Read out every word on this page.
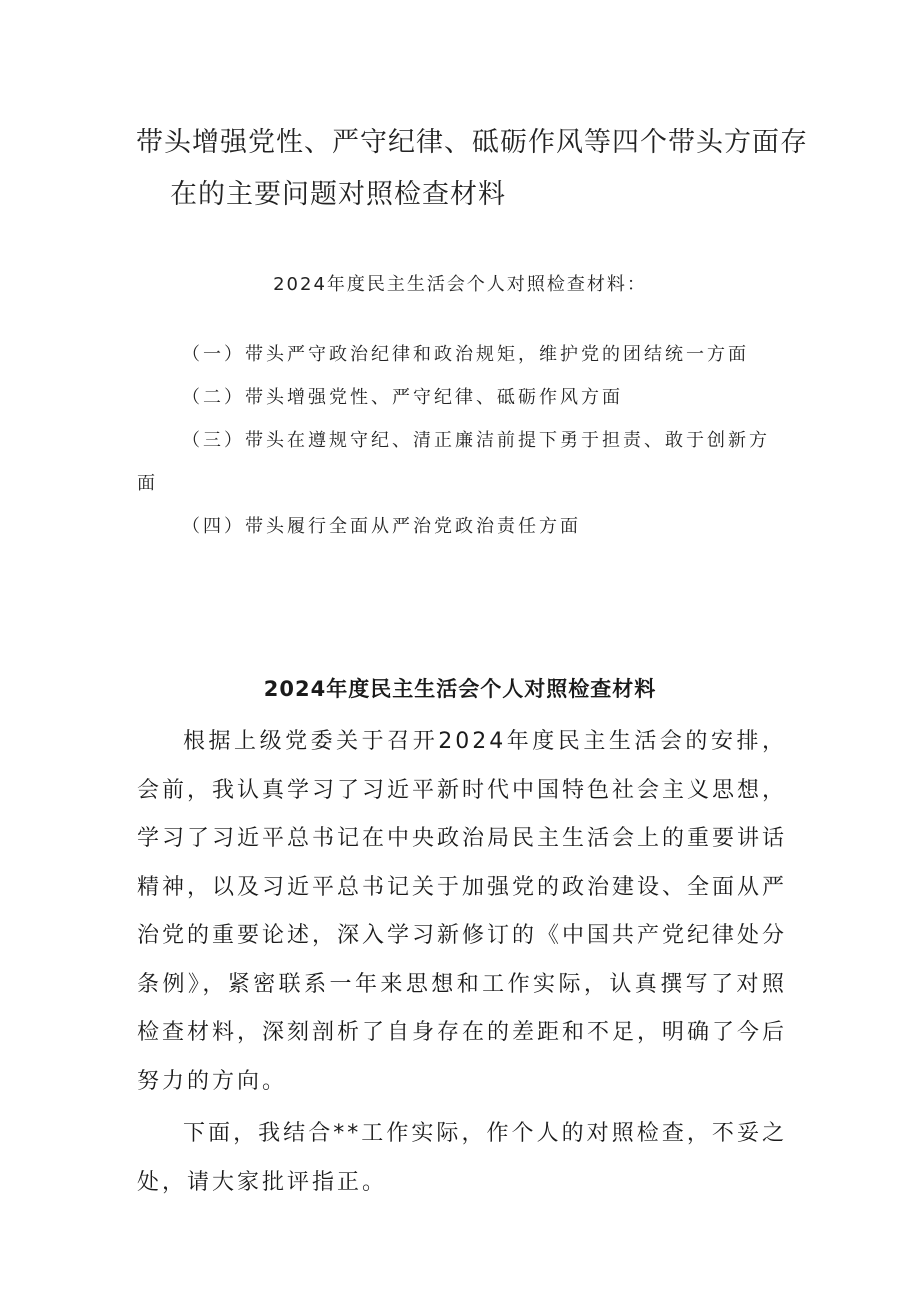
带头增强党性、严守纪律、砥砺作风等四个带头方面存
在的主要问题对照检查材料
2024年度民主生活会个人对照检查材料：
（一）带头严守政治纪律和政治规矩，维护党的团结统一方面
（二）带头增强党性、严守纪律、砥砺作风方面
（三）带头在遵规守纪、清正廉洁前提下勇于担责、敢于创新方面
（四）带头履行全面从严治党政治责任方面
2024年度民主生活会个人对照检查材料

根据上级党委关于召开2024年度民主生活会的安排，会前，我认真学习了习近平新时代中国特色社会主义思想，学习了习近平总书记在中央政治局民主生活会上的重要讲话精神，以及习近平总书记关于加强党的政治建设、全面从严治党的重要论述，深入学习新修订的《中国共产党纪律处分条例》，紧密联系一年来思想和工作实际，认真撰写了对照检查材料，深刻剖析了自身存在的差距和不足，明确了今后努力的方向。

下面，我结合**工作实际，作个人的对照检查，不妥之处，请大家批评指正。
